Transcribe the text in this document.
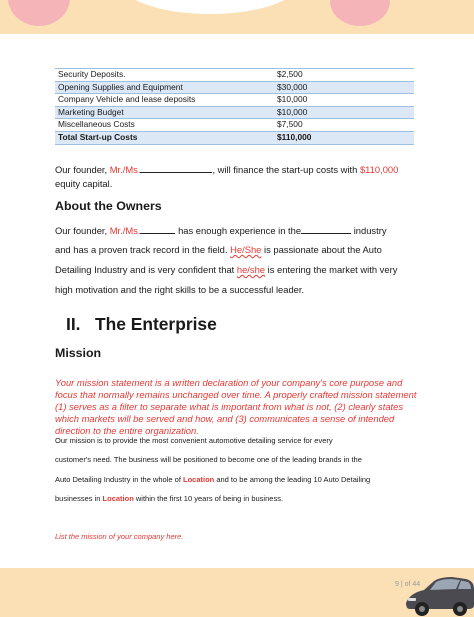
Security Deposits.	$2,500
Opening Supplies and Equipment	$30,000
Company Vehicle and lease deposits	$10,000
Marketing Budget	$10,000
Miscellaneous Costs	$7,500
Total Start-up Costs	$110,000
Our founder, Mr./Ms.	, will finance the start-up costs with $110,000
equity capital.
About the Owners
Our founder, Mr./Ms.	has enough experience in the	industry
and has a proven track record in the field. He/She is passionate about the Auto
Detailing Industry and is very confident that he/she is entering the market with very
high motivation and the right skills to be a successful leader.
II.   The Enterprise
Mission
Your mission statement is a written declaration of your company's core purpose and focus that normally remains unchanged over time. A properly crafted mission statement (1) serves as a filter to separate what is important from what is not, (2) clearly states which markets will be served and how, and (3) communicates a sense of intended direction to the entire organization.
Our mission is to provide the most convenient automotive detailing service for every
customer's need. The business will be positioned to become one of the leading brands in the
Auto Detailing Industry in the whole of Location and to be among the leading 10 Auto Detailing
businesses in Location within the first 10 years of being in business.
List the mission of your company here.
9 | of 44
